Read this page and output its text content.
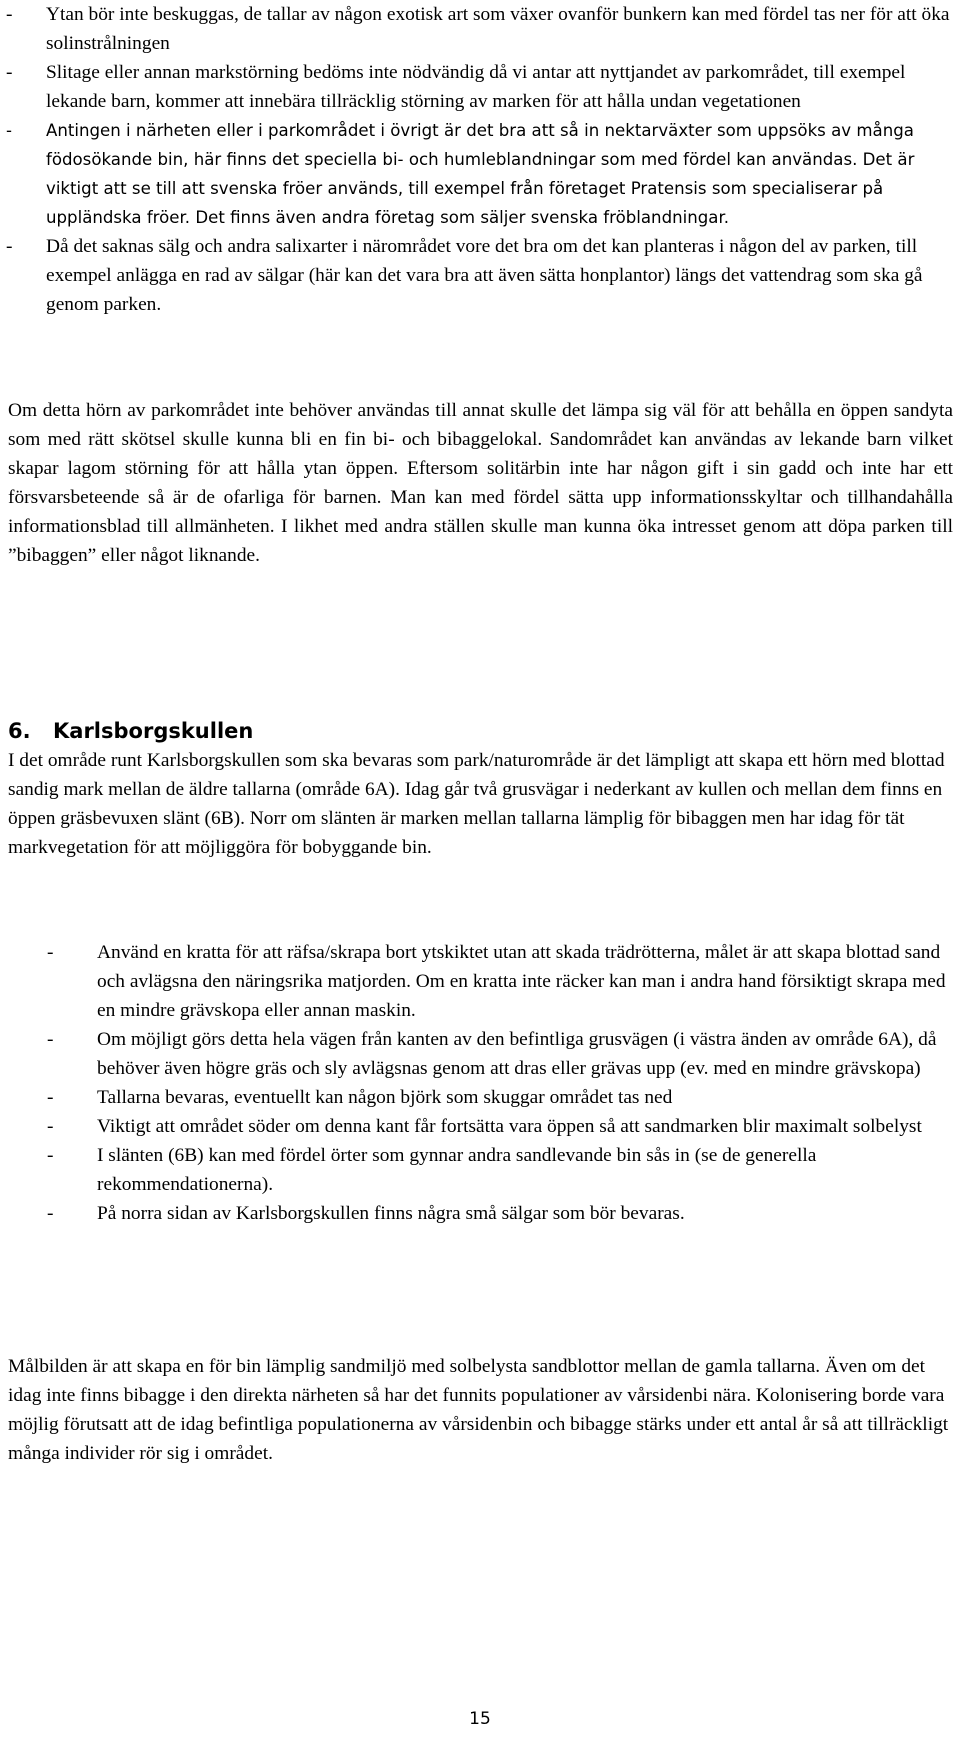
- Ytan bör inte beskuggas, de tallar av någon exotisk art som växer ovanför bunkern kan med fördel tas ner för att öka solinstrålningen
- Slitage eller annan markstörning bedöms inte nödvändig då vi antar att nyttjandet av parkområdet, till exempel lekande barn, kommer att innebära tillräcklig störning av marken för att hålla undan vegetationen
- Antingen i närheten eller i parkområdet i övrigt är det bra att så in nektarväxter som uppsöks av många födosökande bin, här finns det speciella bi- och humleblandningar som med fördel kan användas. Det är viktigt att se till att svenska fröer används, till exempel från företaget Pratensis som specialiserar på uppländska fröer. Det finns även andra företag som säljer svenska fröblandningar.
- Då det saknas sälg och andra salixarter i närområdet vore det bra om det kan planteras i någon del av parken, till exempel anlägga en rad av sälgar (här kan det vara bra att även sätta honplantor) längs det vattendrag som ska gå genom parken.

Om detta hörn av parkområdet inte behöver användas till annat skulle det lämpa sig väl för att behålla en öppen sandyta som med rätt skötsel skulle kunna bli en fin bi- och bibaggelokal. Sandområdet kan användas av lekande barn vilket skapar lagom störning för att hålla ytan öppen. Eftersom solitärbin inte har någon gift i sin gadd och inte har ett försvarsbeteende så är de ofarliga för barnen. Man kan med fördel sätta upp informationsskyltar och tillhandahålla informationsblad till allmänheten. I likhet med andra ställen skulle man kunna öka intresset genom att döpa parken till ”bibaggen” eller något liknande.

6. Karlsborgskullen

I det område runt Karlsborgskullen som ska bevaras som park/naturområde är det lämpligt att skapa ett hörn med blottad sandig mark mellan de äldre tallarna (område 6A). Idag går två grusvägar i nederkant av kullen och mellan dem finns en öppen gräsbevuxen slänt (6B). Norr om slänten är marken mellan tallarna lämplig för bibaggen men har idag för tät markvegetation för att möjliggöra för bobyggande bin.

- Använd en kratta för att räfsa/skrapa bort ytskiktet utan att skada trädrötterna, målet är att skapa blottad sand och avlägsna den näringsrika matjorden. Om en kratta inte räcker kan man i andra hand försiktigt skrapa med en mindre grävskopa eller annan maskin.
- Om möjligt görs detta hela vägen från kanten av den befintliga grusvägen (i västra änden av område 6A), då behöver även högre gräs och sly avlägsnas genom att dras eller grävas upp (ev. med en mindre grävskopa)
- Tallarna bevaras, eventuellt kan någon björk som skuggar området tas ned
- Viktigt att området söder om denna kant får fortsätta vara öppen så att sandmarken blir maximalt solbelyst
- I slänten (6B) kan med fördel örter som gynnar andra sandlevande bin sås in (se de generella rekommendationerna).
- På norra sidan av Karlsborgskullen finns några små sälgar som bör bevaras.

Målbilden är att skapa en för bin lämplig sandmiljö med solbelysta sandblottor mellan de gamla tallarna. Även om det idag inte finns bibagge i den direkta närheten så har det funnits populationer av vårsidenbi nära. Kolonisering borde vara möjlig förutsatt att de idag befintliga populationerna av vårsidenbin och bibagge stärks under ett antal år så att tillräckligt många individer rör sig i området.

15
